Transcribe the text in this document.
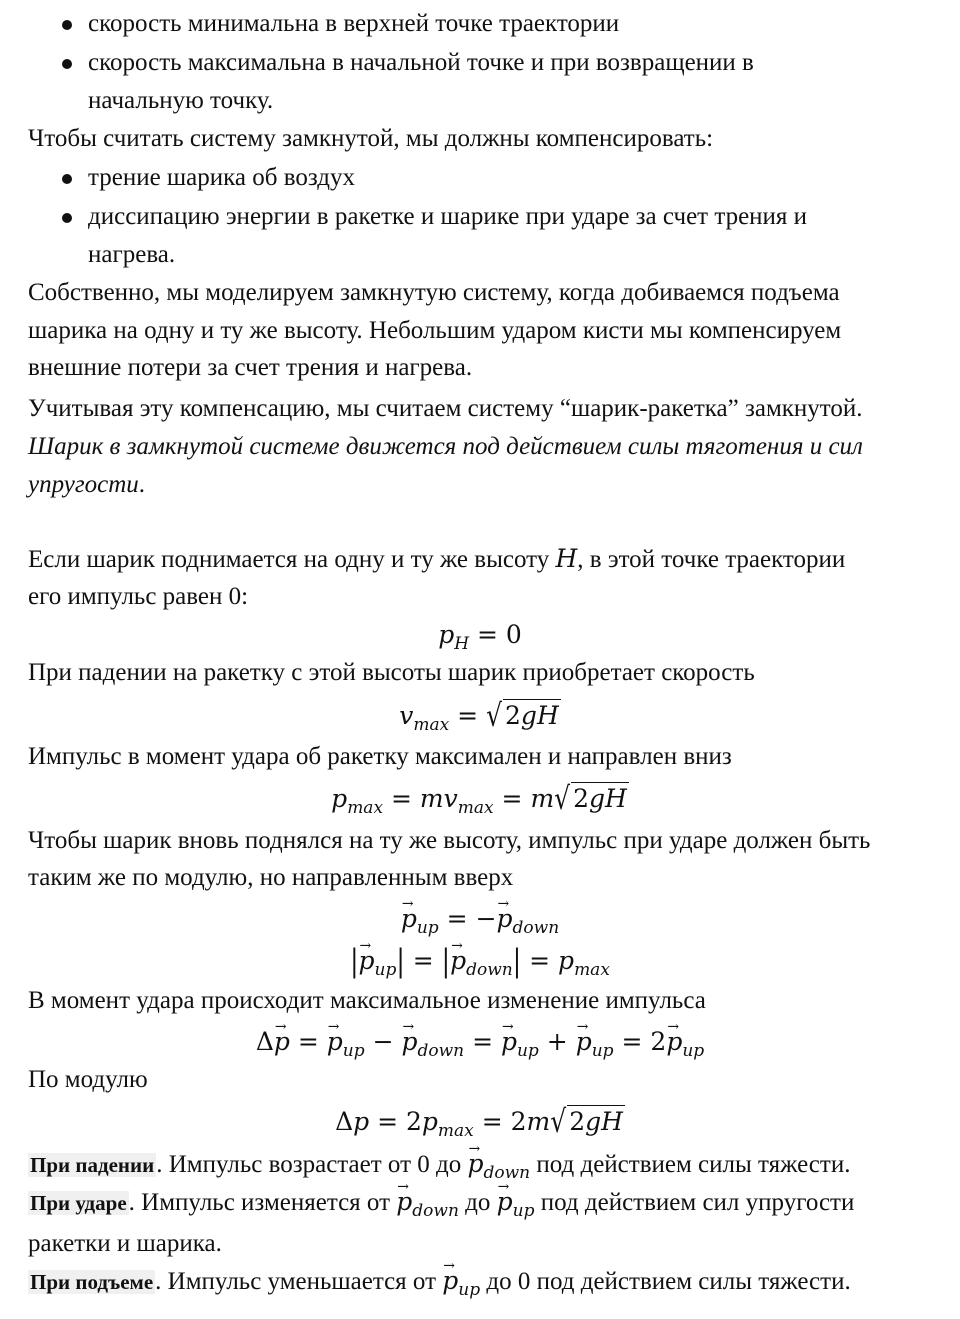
скорость минимальна в верхней точке траектории
скорость максимальна в начальной точке и при возвращении в
начальную точку.
Чтобы считать систему замкнутой, мы должны компенсировать:
трение шарика об воздух
диссипацию энергии в ракетке и шарике при ударе за счет трения и
нагрева.
Собственно, мы моделируем замкнутую систему, когда добиваемся подъема
шарика на одну и ту же высоту. Небольшим ударом кисти мы компенсируем
внешние потери за счет трения и нагрева.
Учитывая эту компенсацию, мы считаем систему “шарик-ракетка” замкнутой.
Шарик в замкнутой системе движется под действием силы тяготения и сил
упругости.
Если шарик поднимается на одну и ту же высоту H, в этой точке траектории
его импульс равен 0:
$p_H = 0$
При падении на ракетку с этой высоты шарик приобретает скорость
$v_{max}$ = √ 2gH
Импульс в момент удара об ракетку максимален и направлен вниз
$p_{max} = mv_{max} = m√$ 2gH
Чтобы шарик вновь поднялся на ту же высоту, импульс при ударе должен быть
таким же по модулю, но направленным вверх
→ $p_{up}$ = −→ $p_{down}$
|→ $p_{up}|$ = |→ $p_{down}| = p_{max}$
В момент удара происходит максимальное изменение импульса
Δ→ p = → $p_{up}$ − → $p_{down}$ = → $p_{up}$ + → $p_{up} = 2\to p_{up}$
По модулю
$\Delta p = 2p_{max} = 2m√$ 2gH
При падении. Импульс возрастает от 0 до → $p_{down}$ под действием силы тяжести.
При ударе. Импульс изменяется от → $p_{down}$ до → $p_{up}$ под действием сил упругости
ракетки и шарика.
При подъеме. Импульс уменьшается от → $p_{up}$ до 0 под действием силы тяжести.
